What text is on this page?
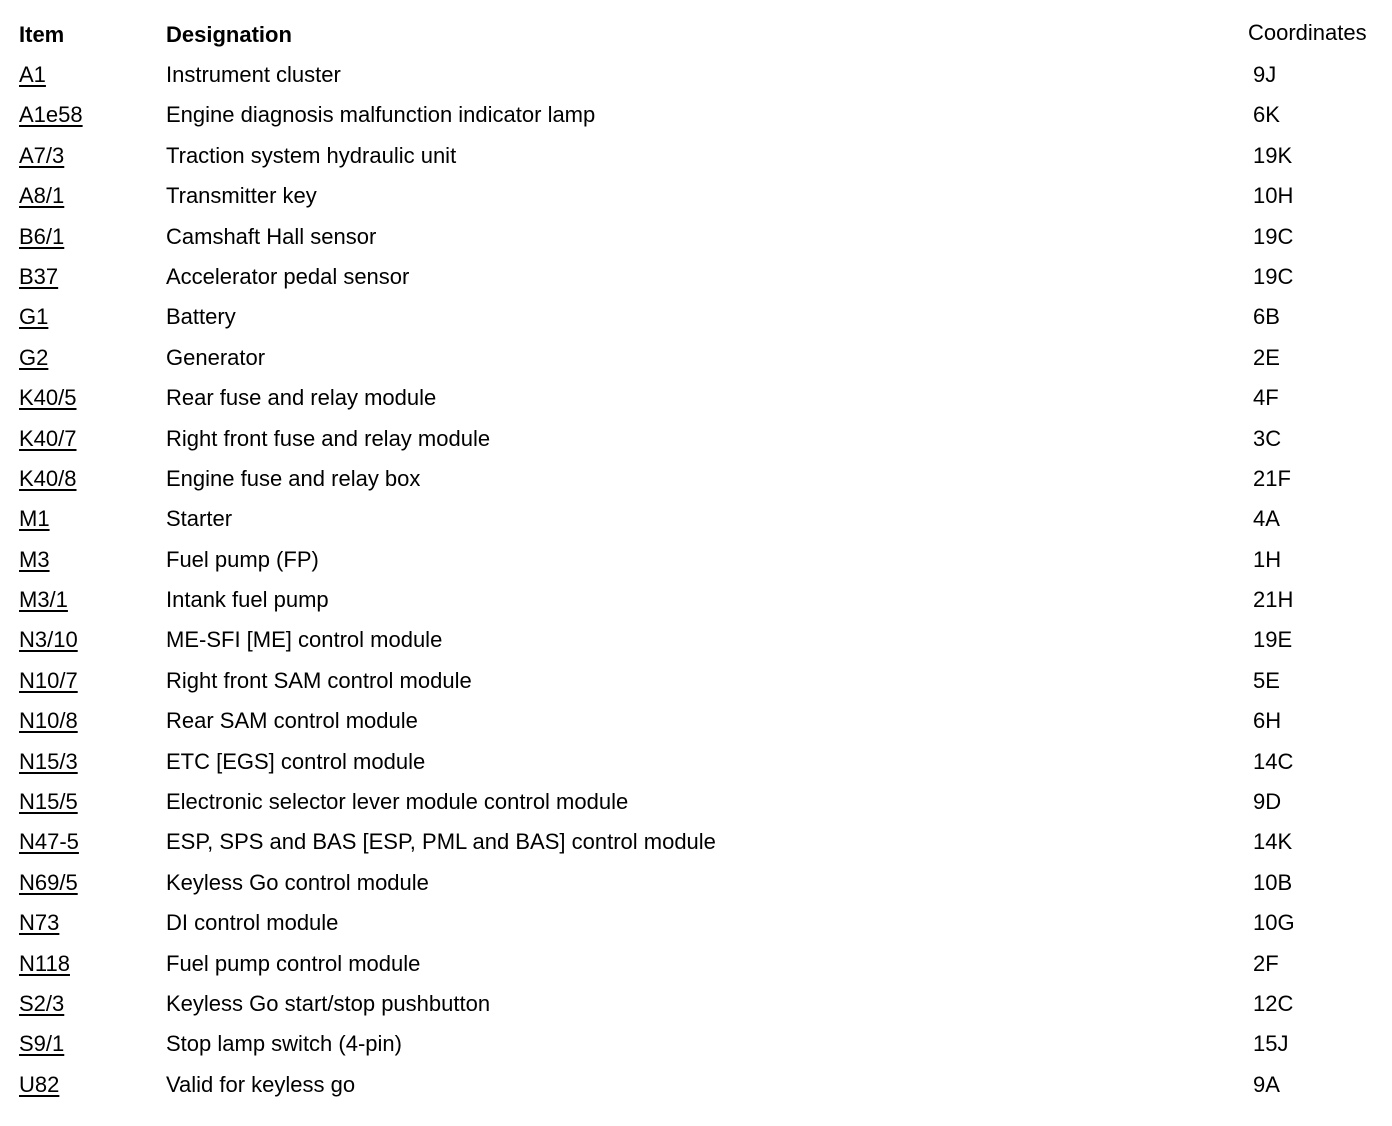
Item	Designation	Coordinates
A1	Instrument cluster	9J
A1e58	Engine diagnosis malfunction indicator lamp	6K
A7/3	Traction system hydraulic unit	19K
A8/1	Transmitter key	10H
B6/1	Camshaft Hall sensor	19C
B37	Accelerator pedal sensor	19C
G1	Battery	6B
G2	Generator	2E
K40/5	Rear fuse and relay module	4F
K40/7	Right front fuse and relay module	3C
K40/8	Engine fuse and relay box	21F
M1	Starter	4A
M3	Fuel pump (FP)	1H
M3/1	Intank fuel pump	21H
N3/10	ME-SFI [ME] control module	19E
N10/7	Right front SAM control module	5E
N10/8	Rear SAM control module	6H
N15/3	ETC [EGS] control module	14C
N15/5	Electronic selector lever module control module	9D
N47-5	ESP, SPS and BAS [ESP, PML and BAS] control module	14K
N69/5	Keyless Go control module	10B
N73	DI control module	10G
N118	Fuel pump control module	2F
S2/3	Keyless Go start/stop pushbutton	12C
S9/1	Stop lamp switch (4-pin)	15J
U82	Valid for keyless go	9A
